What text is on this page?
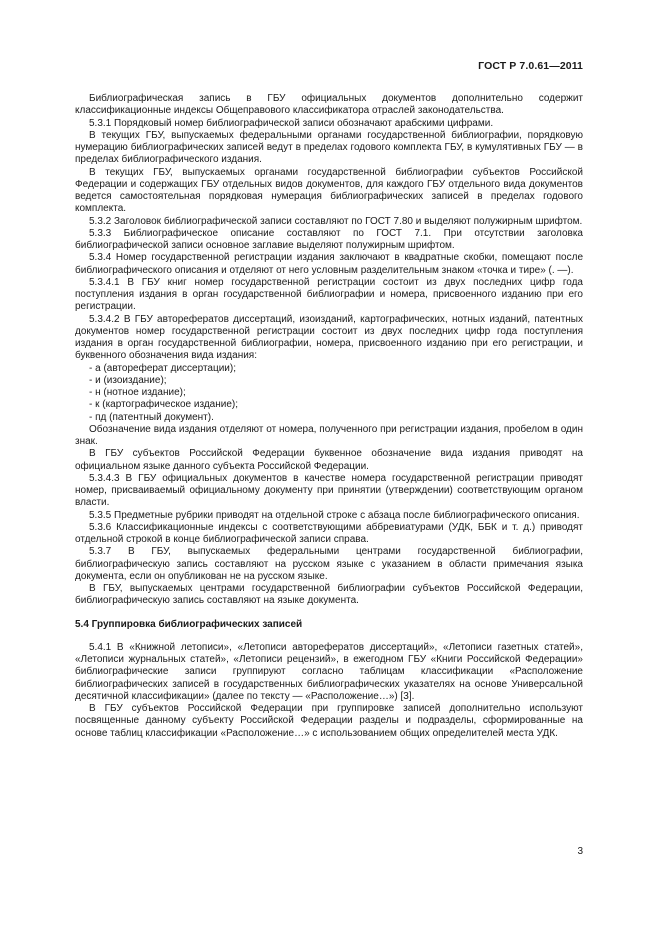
ГОСТ Р 7.0.61—2011

Библиографическая запись в ГБУ официальных документов дополнительно содержит классификационные индексы Общеправового классификатора отраслей законодательства.

5.3.1 Порядковый номер библиографической записи обозначают арабскими цифрами.

В текущих ГБУ, выпускаемых федеральными органами государственной библиографии, порядковую нумерацию библиографических записей ведут в пределах годового комплекта ГБУ, в кумулятивных ГБУ — в пределах библиографического издания.

В текущих ГБУ, выпускаемых органами государственной библиографии субъектов Российской Федерации и содержащих ГБУ отдельных видов документов, для каждого ГБУ отдельного вида документов ведется самостоятельная порядковая нумерация библиографических записей в пределах годового комплекта.

5.3.2 Заголовок библиографической записи составляют по ГОСТ 7.80 и выделяют полужирным шрифтом.

5.3.3 Библиографическое описание составляют по ГОСТ 7.1. При отсутствии заголовка библиографической записи основное заглавие выделяют полужирным шрифтом.

5.3.4 Номер государственной регистрации издания заключают в квадратные скобки, помещают после библиографического описания и отделяют от него условным разделительным знаком «точка и тире» (. —).

5.3.4.1 В ГБУ книг номер государственной регистрации состоит из двух последних цифр года поступления издания в орган государственной библиографии и номера, присвоенного изданию при его регистрации.

5.3.4.2 В ГБУ авторефератов диссертаций, изоизданий, картографических, нотных изданий, патентных документов номер государственной регистрации состоит из двух последних цифр года поступления издания в орган государственной библиографии, номера, присвоенного изданию при его регистрации, и буквенного обозначения вида издания:

- а (автореферат диссертации);

- и (изоиздание);

- н (нотное издание);

- к (картографическое издание);

- пд (патентный документ).

Обозначение вида издания отделяют от номера, полученного при регистрации издания, пробелом в один знак.

В ГБУ субъектов Российской Федерации буквенное обозначение вида издания приводят на официальном языке данного субъекта Российской Федерации.

5.3.4.3 В ГБУ официальных документов в качестве номера государственной регистрации приводят номер, присваиваемый официальному документу при принятии (утверждении) соответствующим органом власти.

5.3.5 Предметные рубрики приводят на отдельной строке с абзаца после библиографического описания.

5.3.6 Классификационные индексы с соответствующими аббревиатурами (УДК, ББК и т. д.) приводят отдельной строкой в конце библиографической записи справа.

5.3.7 В ГБУ, выпускаемых федеральными центрами государственной библиографии, библиографическую запись составляют на русском языке с указанием в области примечания языка документа, если он опубликован не на русском языке.

В ГБУ, выпускаемых центрами государственной библиографии субъектов Российской Федерации, библиографическую запись составляют на языке документа.

5.4 Группировка библиографических записей

5.4.1 В «Книжной летописи», «Летописи авторефератов диссертаций», «Летописи газетных статей», «Летописи журнальных статей», «Летописи рецензий», в ежегодном ГБУ «Книги Российской Федерации» библиографические записи группируют согласно таблицам классификации «Расположение библиографических записей в государственных библиографических указателях на основе Универсальной десятичной классификации» (далее по тексту — «Расположение…») [3].

В ГБУ субъектов Российской Федерации при группировке записей дополнительно используют посвященные данному субъекту Российской Федерации разделы и подразделы, сформированные на основе таблиц классификации «Расположение…» с использованием общих определителей места УДК.

3
